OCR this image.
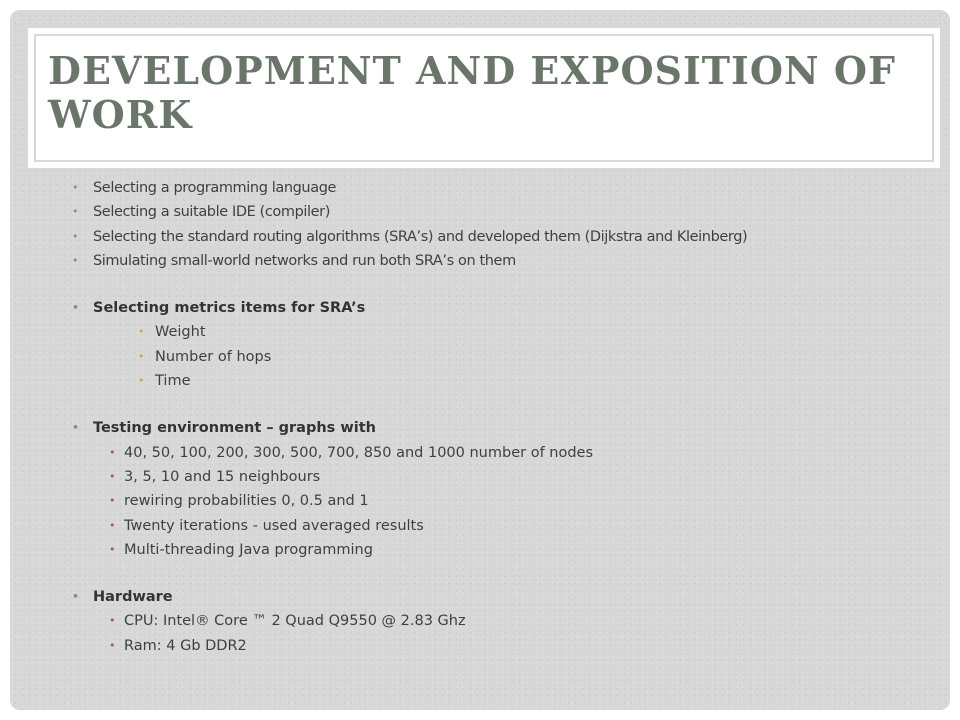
DEVELOPMENT AND EXPOSITION OF WORK
• Selecting a programming language
• Selecting a suitable IDE (compiler)
• Selecting the standard routing algorithms (SRA’s) and developed them (Dijkstra and Kleinberg)
• Simulating small-world networks and run both SRA’s on them
• Selecting metrics items for SRA’s
• Weight
• Number of hops
• Time
• Testing environment – graphs with
• 40, 50, 100, 200, 300, 500, 700, 850 and 1000 number of nodes
• 3, 5, 10 and 15 neighbours
• rewiring probabilities 0, 0.5 and 1
• Twenty iterations - used averaged results
• Multi-threading Java programming
• Hardware
• CPU: Intel® Core ™ 2 Quad Q9550 @ 2.83 Ghz
• Ram: 4 Gb DDR2
